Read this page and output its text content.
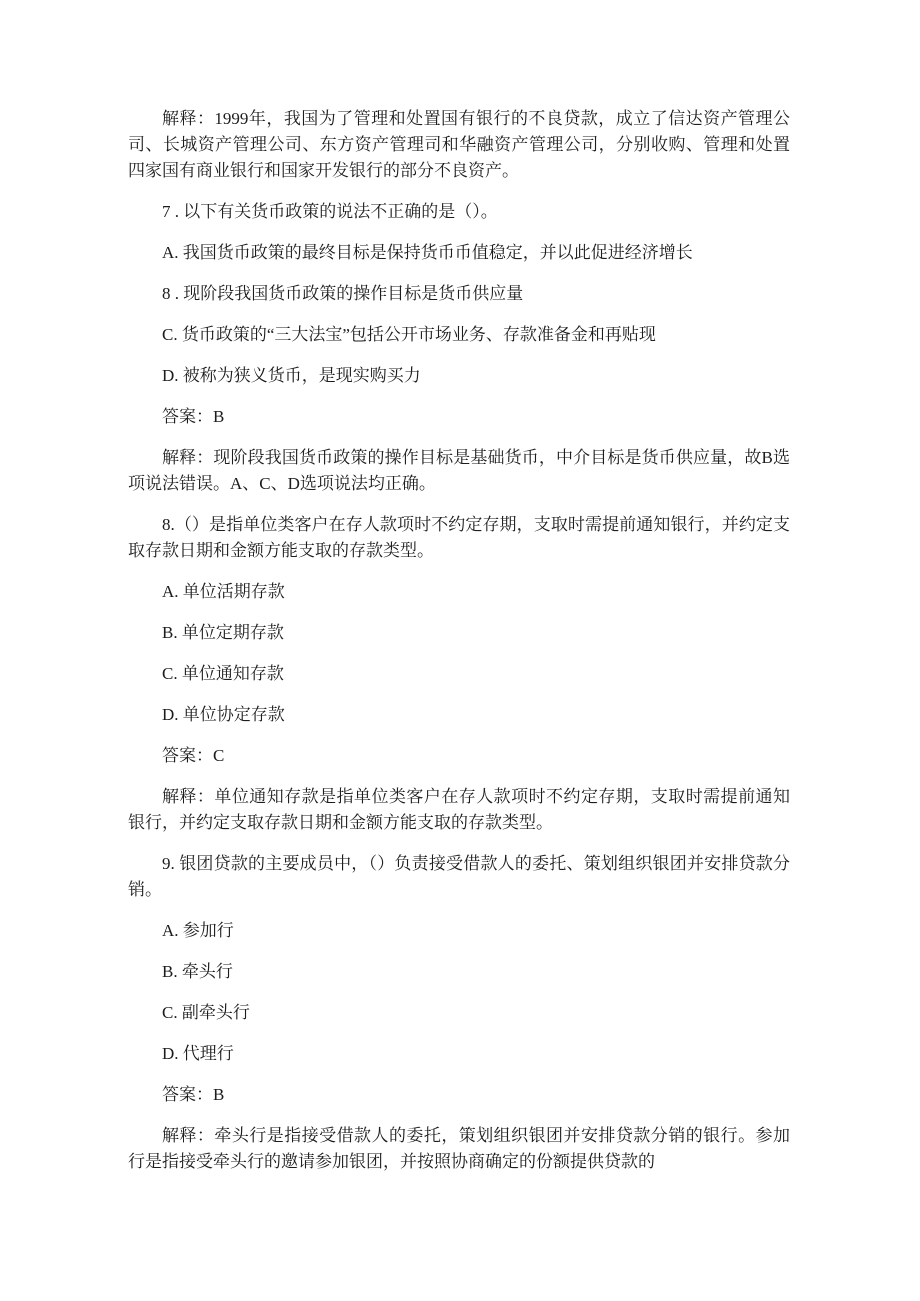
解释：1999年，我国为了管理和处置国有银行的不良贷款，成立了信达资产管理公司、长城资产管理公司、东方资产管理司和华融资产管理公司，分别收购、管理和处置四家国有商业银行和国家开发银行的部分不良资产。

7 . 以下有关货币政策的说法不正确的是（）。

A. 我国货币政策的最终目标是保持货币币值稳定，并以此促进经济增长

8 . 现阶段我国货币政策的操作目标是货币供应量

C. 货币政策的“三大法宝”包括公开市场业务、存款准备金和再贴现

D. 被称为狭义货币，是现实购买力

答案：B

解释：现阶段我国货币政策的操作目标是基础货币，中介目标是货币供应量，故B选项说法错误。A、C、D选项说法均正确。

8.（）是指单位类客户在存人款项时不约定存期，支取时需提前通知银行，并约定支取存款日期和金额方能支取的存款类型。

A. 单位活期存款

B. 单位定期存款

C. 单位通知存款

D. 单位协定存款

答案：C

解释：单位通知存款是指单位类客户在存人款项时不约定存期，支取时需提前通知银行，并约定支取存款日期和金额方能支取的存款类型。

9. 银团贷款的主要成员中，（）负责接受借款人的委托、策划组织银团并安排贷款分销。

A. 参加行

B. 牵头行

C. 副牵头行

D. 代理行

答案：B

解释：牵头行是指接受借款人的委托，策划组织银团并安排贷款分销的银行。参加行是指接受牵头行的邀请参加银团，并按照协商确定的份额提供贷款的
